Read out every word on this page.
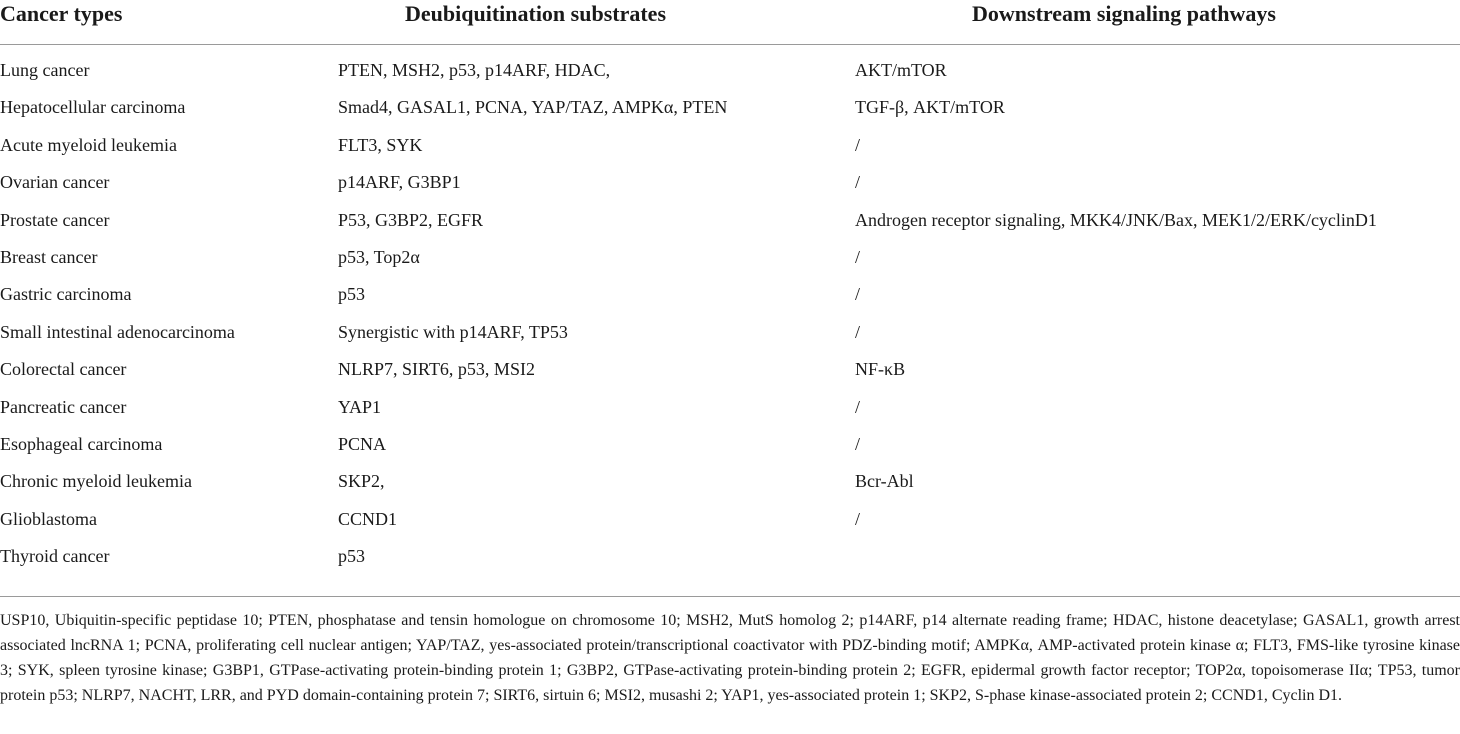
Cancer types	Deubiquitination substrates	Downstream signaling pathways
Lung cancer	PTEN, MSH2, p53, p14ARF, HDAC,	AKT/mTOR
Hepatocellular carcinoma	Smad4, GASAL1, PCNA, YAP/TAZ, AMPKα, PTEN	TGF-β, AKT/mTOR
Acute myeloid leukemia	FLT3, SYK	/
Ovarian cancer	p14ARF, G3BP1	/
Prostate cancer	P53, G3BP2, EGFR	Androgen receptor signaling, MKK4/JNK/Bax, MEK1/2/ERK/cyclinD1
Breast cancer	p53, Top2α	/
Gastric carcinoma	p53	/
Small intestinal adenocarcinoma	Synergistic with p14ARF, TP53	/
Colorectal cancer	NLRP7, SIRT6, p53, MSI2	NF-κB
Pancreatic cancer	YAP1	/
Esophageal carcinoma	PCNA	/
Chronic myeloid leukemia	SKP2,	Bcr-Abl
Glioblastoma	CCND1	/
Thyroid cancer	p53
USP10, Ubiquitin-specific peptidase 10; PTEN, phosphatase and tensin homologue on chromosome 10; MSH2, MutS homolog 2; p14ARF, p14 alternate reading frame; HDAC, histone deacetylase; GASAL1, growth arrest associated lncRNA 1; PCNA, proliferating cell nuclear antigen; YAP/TAZ, yes-associated protein/transcriptional coactivator with PDZ-binding motif; AMPKα, AMP-activated protein kinase α; FLT3, FMS-like tyrosine kinase 3; SYK, spleen tyrosine kinase; G3BP1, GTPase-activating protein-binding protein 1; G3BP2, GTPase-activating protein-binding protein 2; EGFR, epidermal growth factor receptor; TOP2α, topoisomerase IIα; TP53, tumor protein p53; NLRP7, NACHT, LRR, and PYD domain-containing protein 7; SIRT6, sirtuin 6; MSI2, musashi 2; YAP1, yes-associated protein 1; SKP2, S-phase kinase-associated protein 2; CCND1, Cyclin D1.
